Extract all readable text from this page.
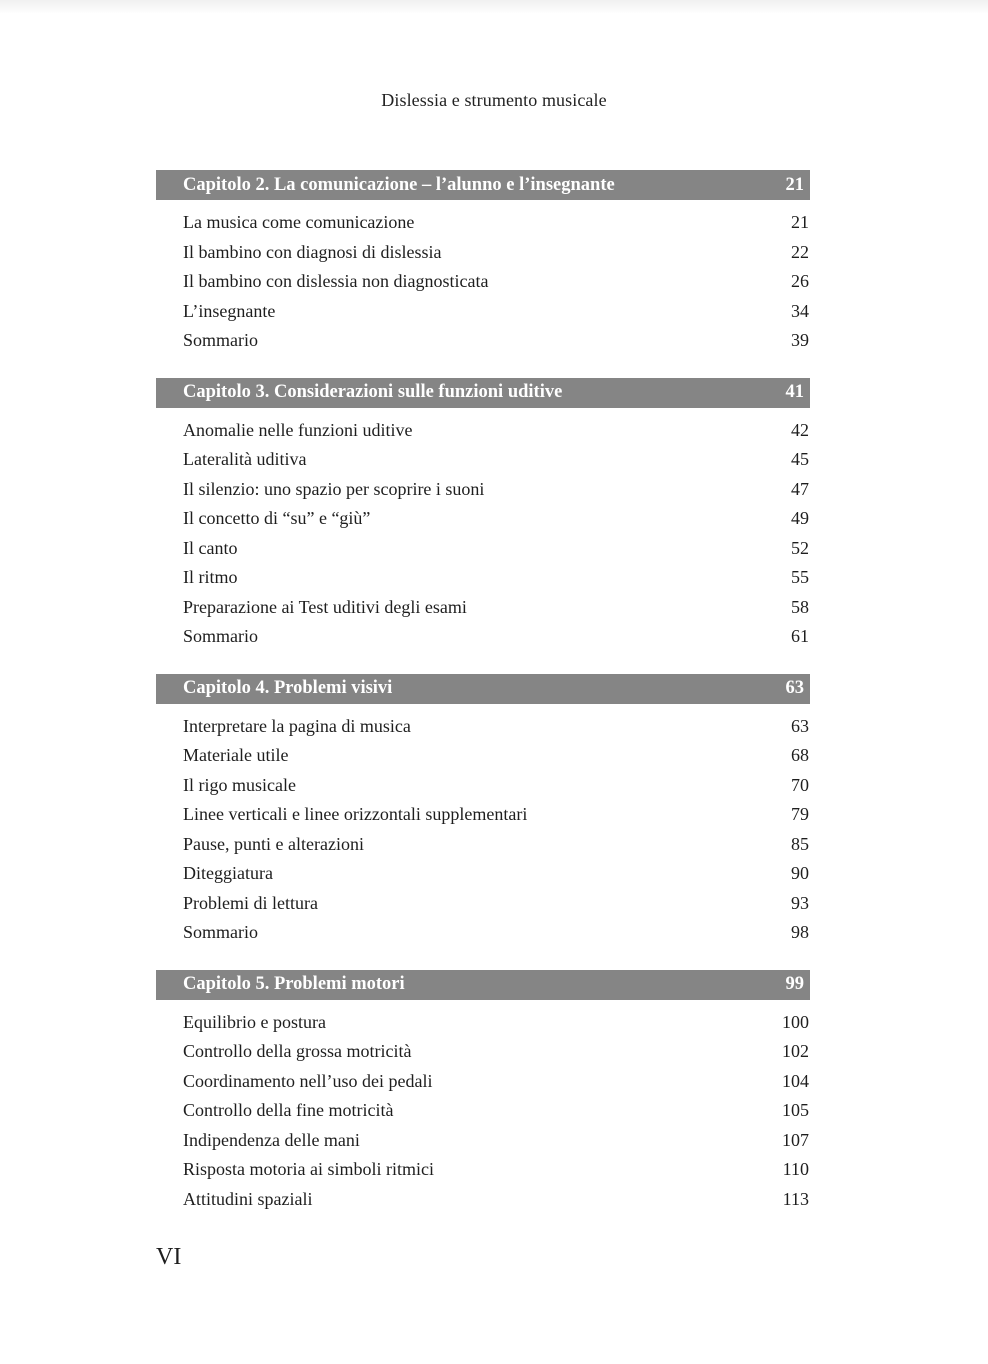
Dislessia e strumento musicale
Capitolo 2. La comunicazione – l’alunno e l’insegnante	21
La musica come comunicazione	21
Il bambino con diagnosi di dislessia	22
Il bambino con dislessia non diagnosticata	26
L’insegnante	34
Sommario	39
Capitolo 3. Considerazioni sulle funzioni uditive	41
Anomalie nelle funzioni uditive	42
Lateralità uditiva	45
Il silenzio: uno spazio per scoprire i suoni	47
Il concetto di “su” e “giù”	49
Il canto	52
Il ritmo	55
Preparazione ai Test uditivi degli esami	58
Sommario	61
Capitolo 4. Problemi visivi	63
Interpretare la pagina di musica	63
Materiale utile	68
Il rigo musicale	70
Linee verticali e linee orizzontali supplementari	79
Pause, punti e alterazioni	85
Diteggiatura	90
Problemi di lettura	93
Sommario	98
Capitolo 5. Problemi motori	99
Equilibrio e postura	100
Controllo della grossa motricità	102
Coordinamento nell’uso dei pedali	104
Controllo della fine motricità	105
Indipendenza delle mani	107
Risposta motoria ai simboli ritmici	110
Attitudini spaziali	113
VI
